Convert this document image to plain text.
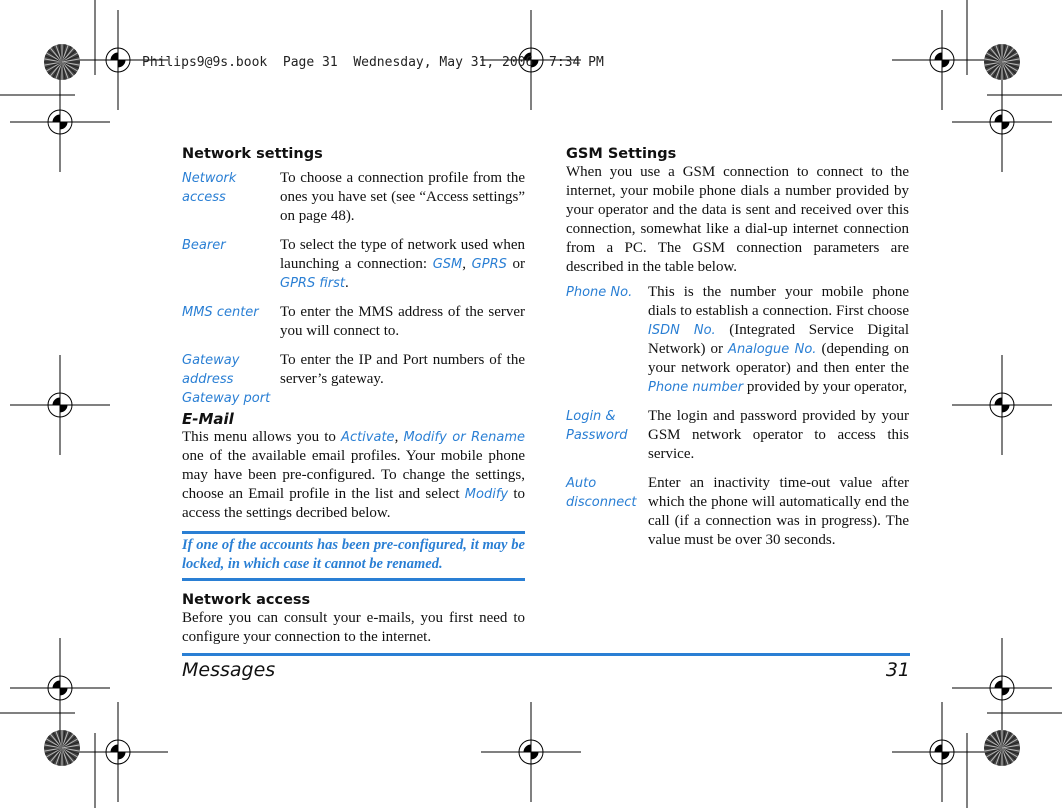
Philips9@9s.book  Page 31  Wednesday, May 31, 2006  7:34 PM
Network settings
Network access	To choose a connection profile from the ones you have set (see “Access settings” on page 48).
Bearer	To select the type of network used when launching a connection: GSM, GPRS or GPRS first.
MMS center	To enter the MMS address of the server you will connect to.
Gateway address Gateway port	To enter the IP and Port numbers of the server’s gateway.
E-Mail

This menu allows you to Activate, Modify or Rename one of the available email profiles. Your mobile phone may have been pre-configured. To change the settings, choose an Email profile in the list and select Modify to access the settings decribed below.

If one of the accounts has been pre-configured, it may be locked, in which case it cannot be renamed.
Network access

Before you can consult your e-mails, you first need to configure your connection to the internet.

GSM Settings

When you use a GSM connection to connect to the internet, your mobile phone dials a number provided by your operator and the data is sent and received over this connection, somewhat like a dial-up internet connection from a PC. The GSM connection parameters are described in the table below.

Phone No.	This is the number your mobile phone dials to establish a connection. First choose ISDN No. (Integrated Service Digital Network) or Analogue No. (depending on your network operator) and then enter the Phone number provided by your operator,
Login & Password	The login and password provided by your GSM network operator to access this service.
Auto disconnect	Enter an inactivity time-out value after which the phone will automatically end the call (if a connection was in progress). The value must be over 30 seconds.
Messages	31
